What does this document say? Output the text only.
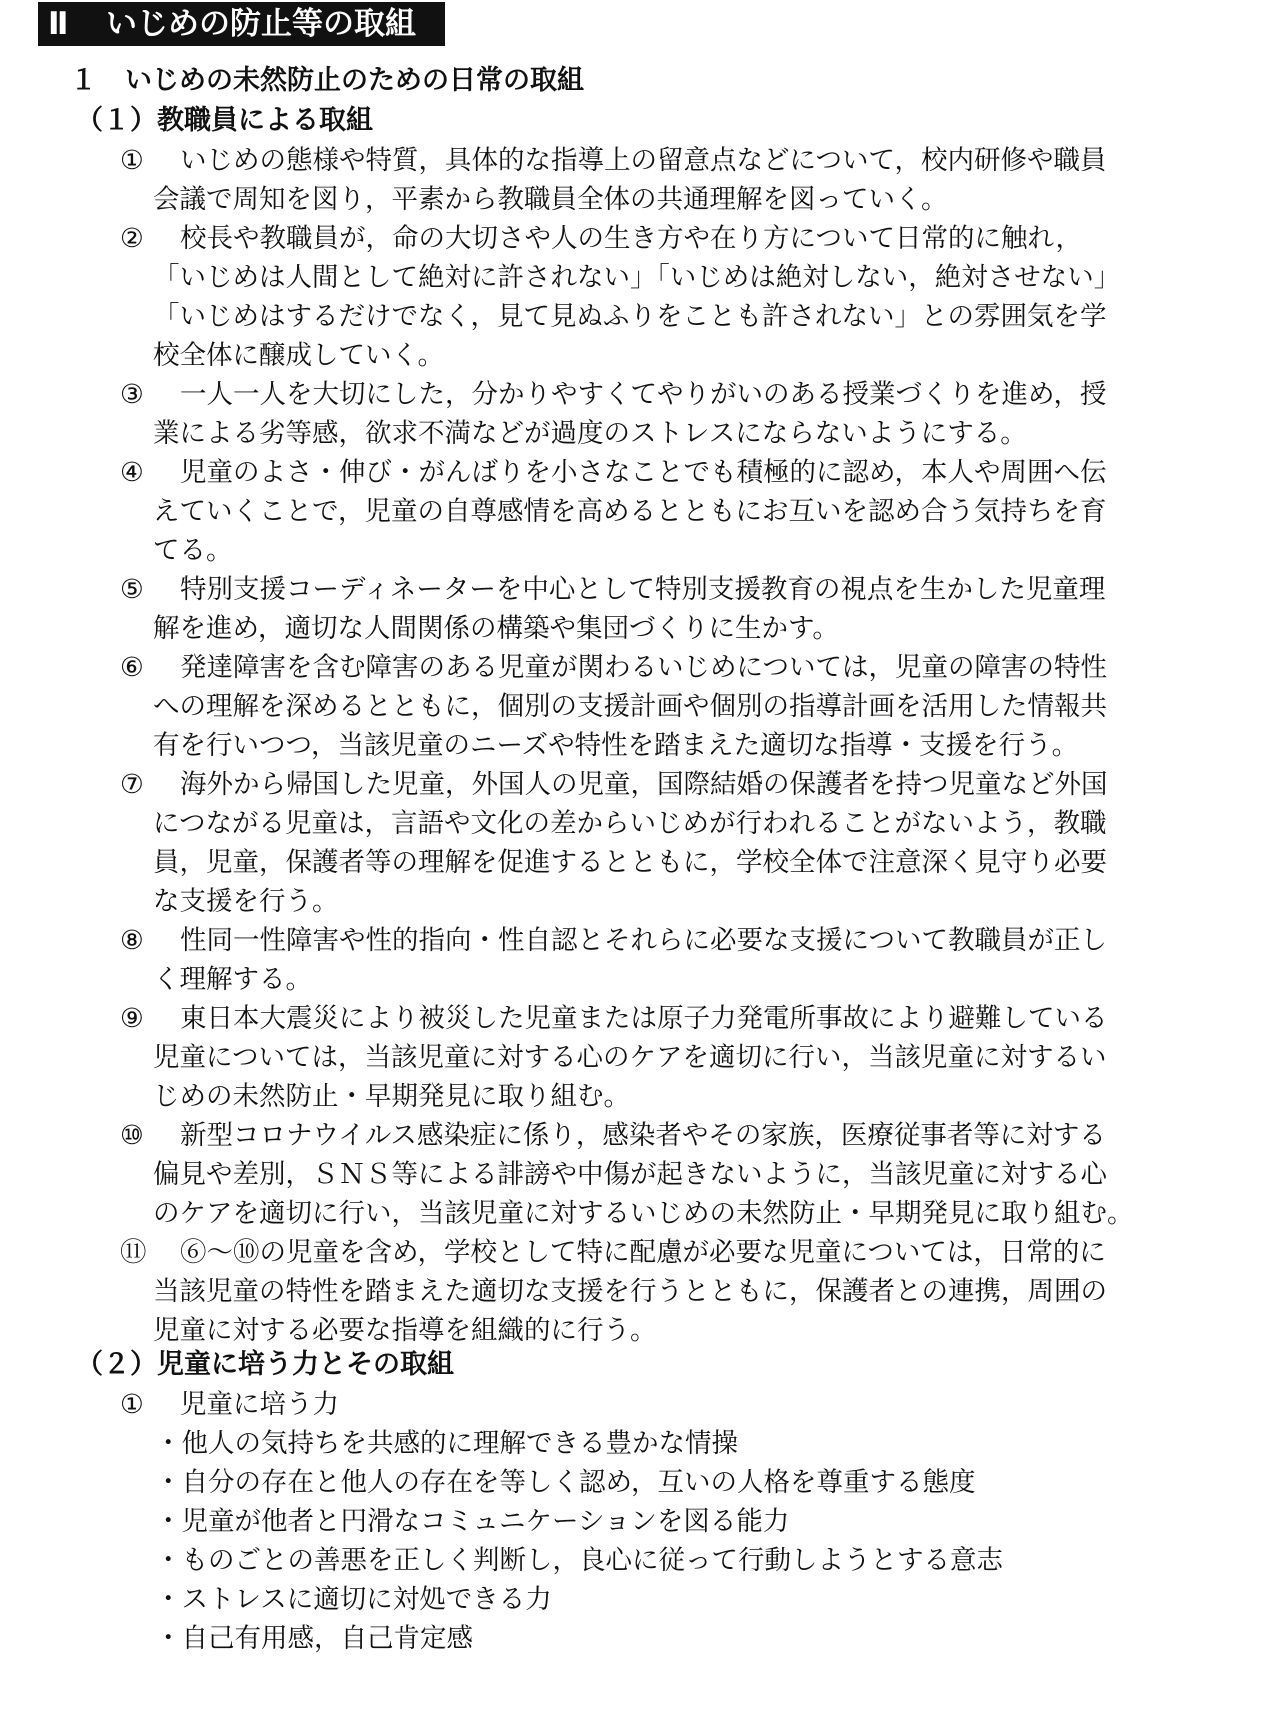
Ⅱ いじめの防止等の取組
１ いじめの未然防止のための日常の取組
（１）教職員による取組
① いじめの態様や特質，具体的な指導上の留意点などについて，校内研修や職員
会議で周知を図り，平素から教職員全体の共通理解を図っていく。
② 校長や教職員が，命の大切さや人の生き方や在り方について日常的に触れ，
「いじめは人間として絶対に許されない」「いじめは絶対しない，絶対させない」
「いじめはするだけでなく，見て見ぬふりをことも許されない」との雰囲気を学
校全体に醸成していく。
③ 一人一人を大切にした，分かりやすくてやりがいのある授業づくりを進め，授
業による劣等感，欲求不満などが過度のストレスにならないようにする。
④ 児童のよさ・伸び・がんばりを小さなことでも積極的に認め，本人や周囲へ伝
えていくことで，児童の自尊感情を高めるとともにお互いを認め合う気持ちを育
てる。
⑤ 特別支援コーディネーターを中心として特別支援教育の視点を生かした児童理
解を進め，適切な人間関係の構築や集団づくりに生かす。
⑥ 発達障害を含む障害のある児童が関わるいじめについては，児童の障害の特性
への理解を深めるとともに，個別の支援計画や個別の指導計画を活用した情報共
有を行いつつ，当該児童のニーズや特性を踏まえた適切な指導・支援を行う。
⑦ 海外から帰国した児童，外国人の児童，国際結婚の保護者を持つ児童など外国
につながる児童は，言語や文化の差からいじめが行われることがないよう，教職
員，児童，保護者等の理解を促進するとともに，学校全体で注意深く見守り必要
な支援を行う。
⑧ 性同一性障害や性的指向・性自認とそれらに必要な支援について教職員が正し
く理解する。
⑨ 東日本大震災により被災した児童または原子力発電所事故により避難している
児童については，当該児童に対する心のケアを適切に行い，当該児童に対するい
じめの未然防止・早期発見に取り組む。
⑩ 新型コロナウイルス感染症に係り，感染者やその家族，医療従事者等に対する
偏見や差別，ＳＮＳ等による誹謗や中傷が起きないように，当該児童に対する心
のケアを適切に行い，当該児童に対するいじめの未然防止・早期発見に取り組む。
⑪ ⑥〜⑩の児童を含め，学校として特に配慮が必要な児童については，日常的に
当該児童の特性を踏まえた適切な支援を行うとともに，保護者との連携，周囲の
児童に対する必要な指導を組織的に行う。
（２）児童に培う力とその取組
① 児童に培う力
・他人の気持ちを共感的に理解できる豊かな情操
・自分の存在と他人の存在を等しく認め，互いの人格を尊重する態度
・児童が他者と円滑なコミュニケーションを図る能力
・ものごとの善悪を正しく判断し，良心に従って行動しようとする意志
・ストレスに適切に対処できる力
・自己有用感，自己肯定感
